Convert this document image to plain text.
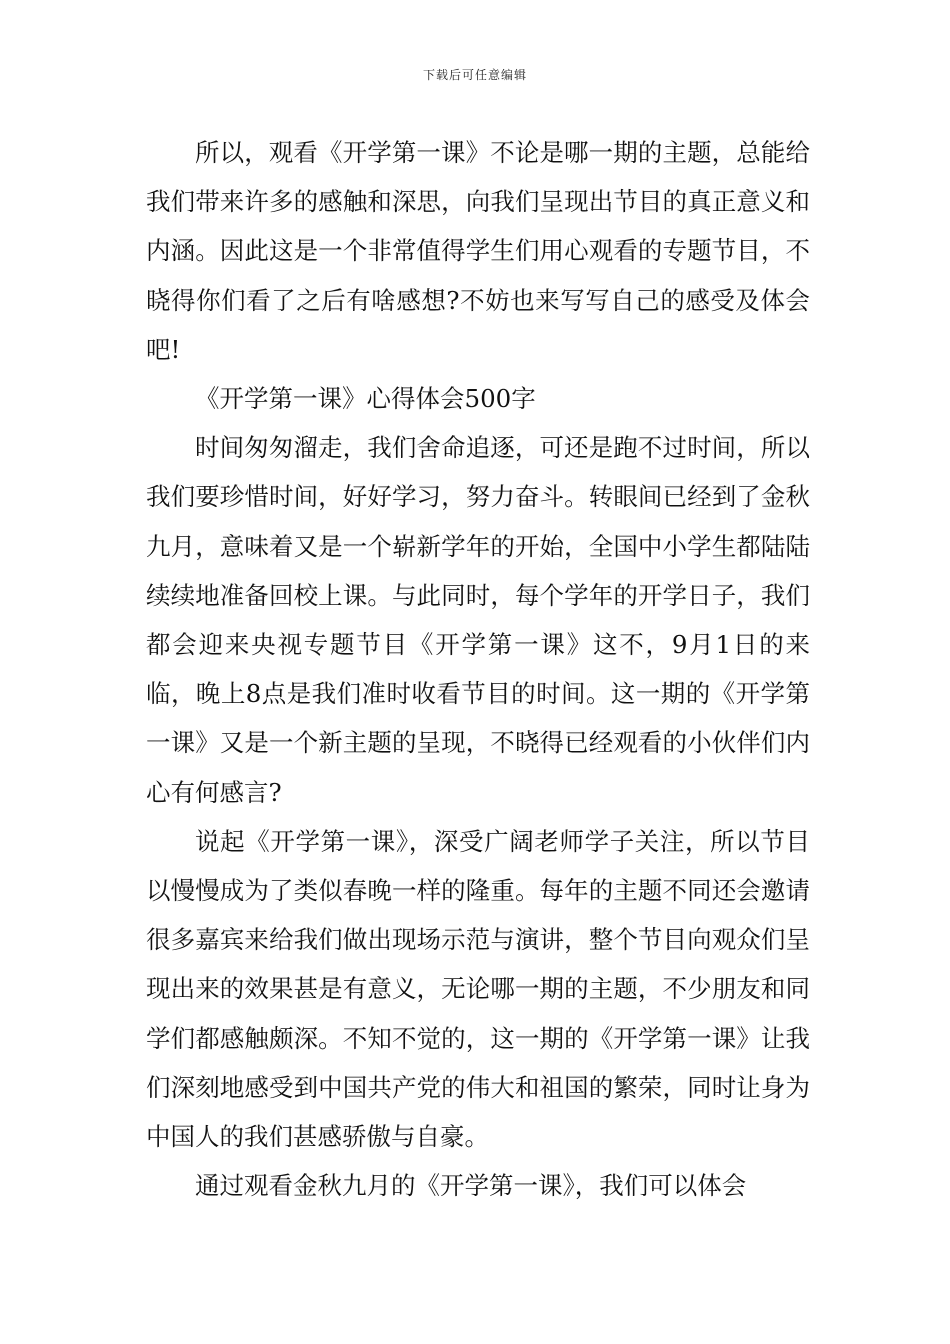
下载后可任意编辑

所以，观看《开学第一课》不论是哪一期的主题，总能给我们带来许多的感触和深思，向我们呈现出节目的真正意义和内涵。因此这是一个非常值得学生们用心观看的专题节目，不晓得你们看了之后有啥感想?不妨也来写写自己的感受及体会吧!

《开学第一课》心得体会500字

时间匆匆溜走，我们舍命追逐，可还是跑不过时间，所以我们要珍惜时间，好好学习，努力奋斗。转眼间已经到了金秋九月，意味着又是一个崭新学年的开始，全国中小学生都陆陆续续地准备回校上课。与此同时，每个学年的开学日子，我们都会迎来央视专题节目《开学第一课》这不，9月1日的来临，晚上8点是我们准时收看节目的时间。这一期的《开学第一课》又是一个新主题的呈现，不晓得已经观看的小伙伴们内心有何感言?

说起《开学第一课》，深受广阔老师学子关注，所以节目以慢慢成为了类似春晚一样的隆重。每年的主题不同还会邀请很多嘉宾来给我们做出现场示范与演讲，整个节目向观众们呈现出来的效果甚是有意义，无论哪一期的主题，不少朋友和同学们都感触颇深。不知不觉的，这一期的《开学第一课》让我们深刻地感受到中国共产党的伟大和祖国的繁荣，同时让身为中国人的我们甚感骄傲与自豪。

通过观看金秋九月的《开学第一课》，我们可以体会
